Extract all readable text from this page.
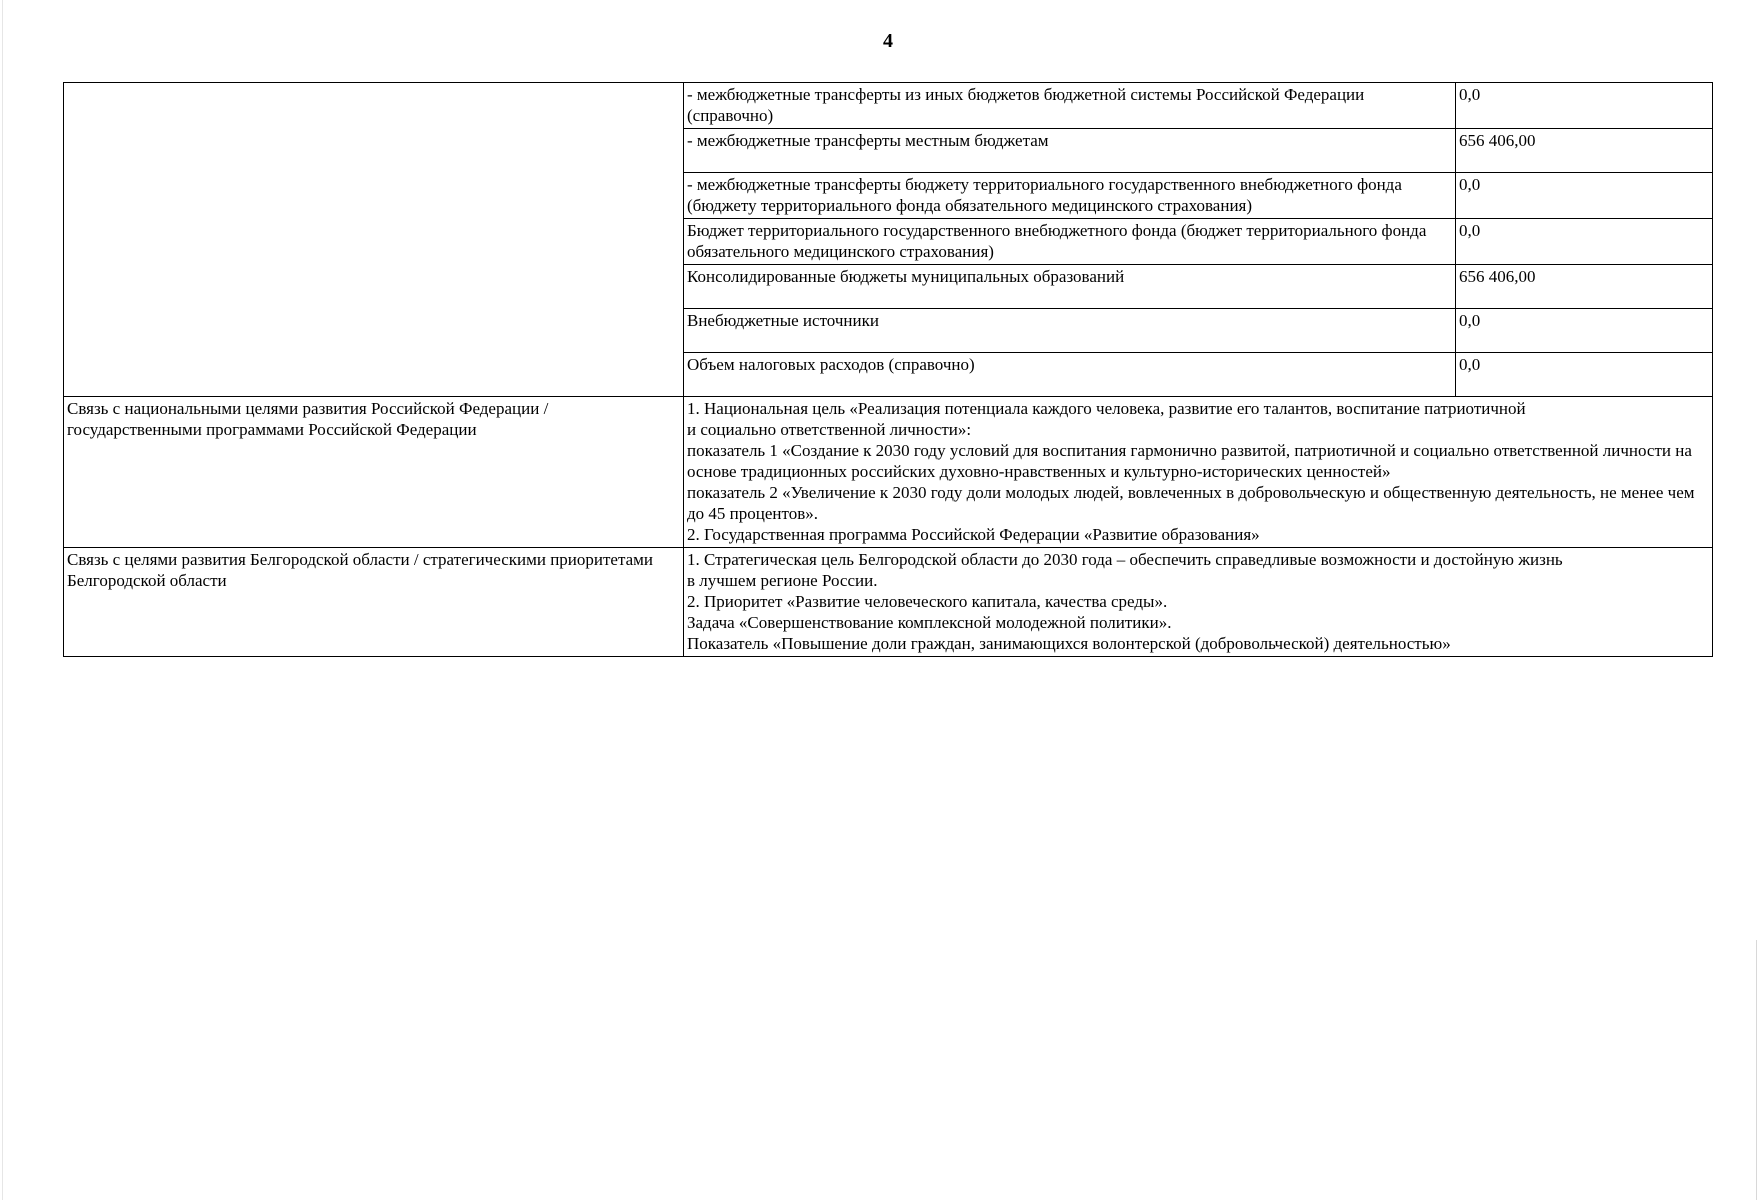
4
	- межбюджетные трансферты из иных бюджетов бюджетной системы Российской Федерации (справочно)	0,0
	- межбюджетные трансферты местным бюджетам	656 406,00
	- межбюджетные трансферты бюджету территориального государственного внебюджетного фонда (бюджету территориального фонда обязательного медицинского страхования)	0,0
	Бюджет территориального государственного внебюджетного фонда (бюджет территориального фонда обязательного медицинского страхования)	0,0
	Консолидированные бюджеты муниципальных образований	656 406,00
	Внебюджетные источники	0,0
	Объем налоговых расходов (справочно)	0,0
Связь с национальными целями развития Российской Федерации / государственными программами Российской Федерации	1. Национальная цель «Реализация потенциала каждого человека, развитие его талантов, воспитание патриотичной
и социально ответственной личности»:
показатель 1 «Создание к 2030 году условий для воспитания гармонично развитой, патриотичной и социально ответственной личности на основе традиционных российских духовно-нравственных и культурно-исторических ценностей»
показатель 2 «Увеличение к 2030 году доли молодых людей, вовлеченных в добровольческую и общественную деятельность, не менее чем до 45 процентов».
2. Государственная программа Российской Федерации «Развитие образования»	

Связь с целями развития Белгородской области / стратегическими приоритетами Белгородской области	1. Стратегическая цель Белгородской области до 2030 года – обеспечить справедливые возможности и достойную жизнь
в лучшем регионе России.
2. Приоритет «Развитие человеческого капитала, качества среды».
Задача «Совершенствование комплексной молодежной политики».
Показатель «Повышение доли граждан, занимающихся волонтерской (добровольческой) деятельностью»	
